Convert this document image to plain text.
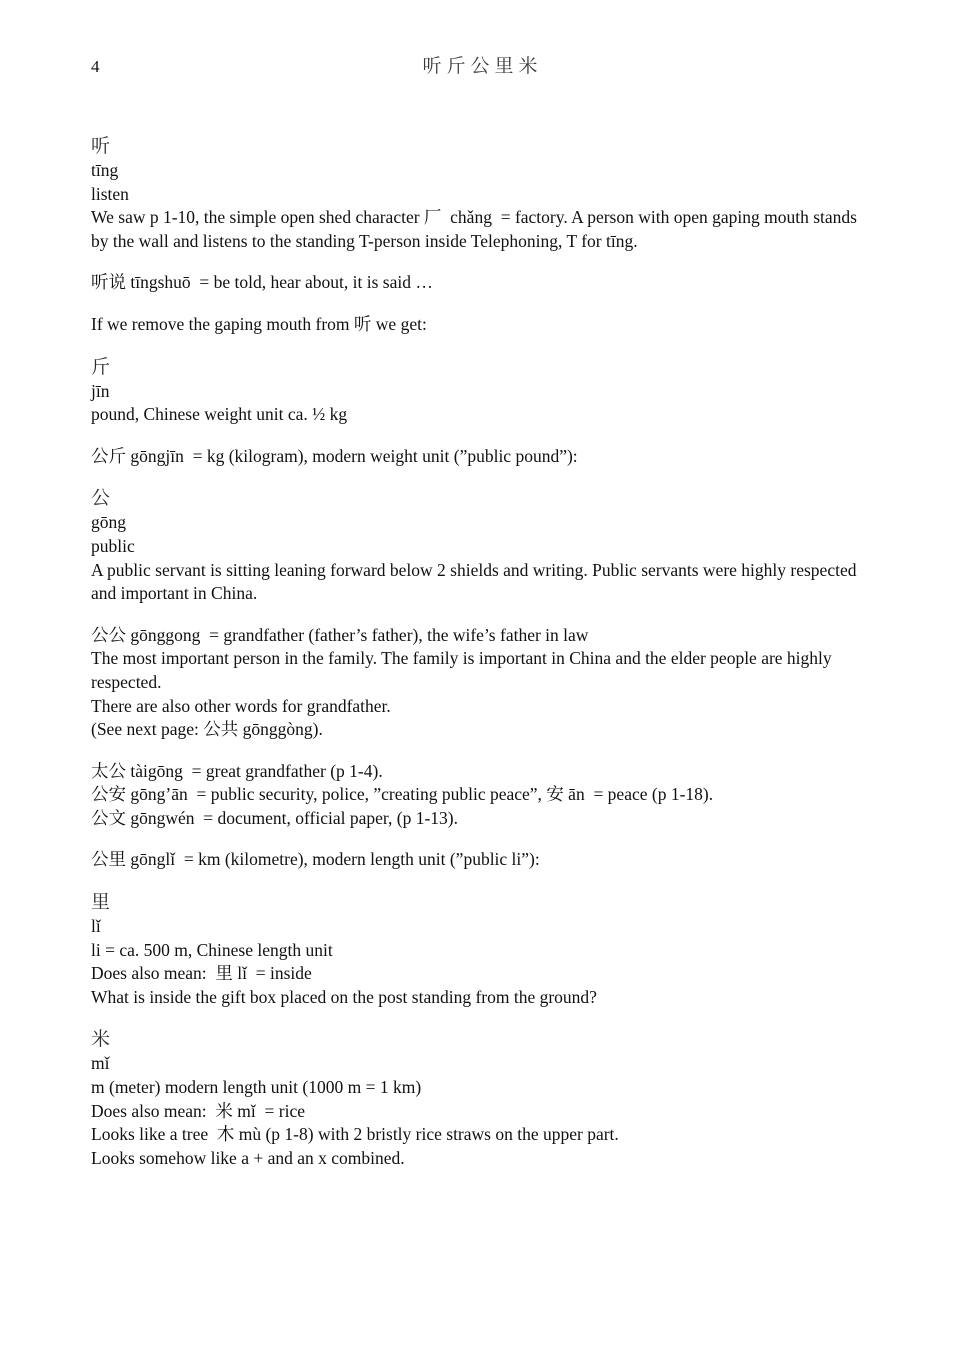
4	听斤公里米
听
tīng
listen
We saw p 1-10, the simple open shed character 厂  chǎng  = factory. A person with open gaping mouth stands by the wall and listens to the standing T-person inside Telephoning, T for tīng.
听说 tīngshuō  = be told, hear about, it is said …
If we remove the gaping mouth from 听 we get:
斤
jīn
pound, Chinese weight unit ca. ½ kg
公斤 gōngjīn  = kg (kilogram), modern weight unit (”public pound”):
公
gōng
public
A public servant is sitting leaning forward below 2 shields and writing. Public servants were highly respected and important in China.
公公 gōnggong  = grandfather (father’s father), the wife’s father in law
The most important person in the family. The family is important in China and the elder people are highly respected.
There are also other words for grandfather.
(See next page: 公共 gōnggòng).
太公 tàigōng  = great grandfather (p 1-4).
公安 gōng’ān  = public security, police, ”creating public peace”, 安 ān  = peace (p 1-18).
公文 gōngwén  = document, official paper, (p 1-13).
公里 gōnglǐ  = km (kilometre), modern length unit (”public li”):
里
lǐ
li = ca. 500 m, Chinese length unit
Does also mean:  里 lǐ  = inside
What is inside the gift box placed on the post standing from the ground?
米
mǐ
m (meter) modern length unit (1000 m = 1 km)
Does also mean:  米 mǐ  = rice
Looks like a tree  木 mù (p 1-8) with 2 bristly rice straws on the upper part.
Looks somehow like a + and an x combined.
